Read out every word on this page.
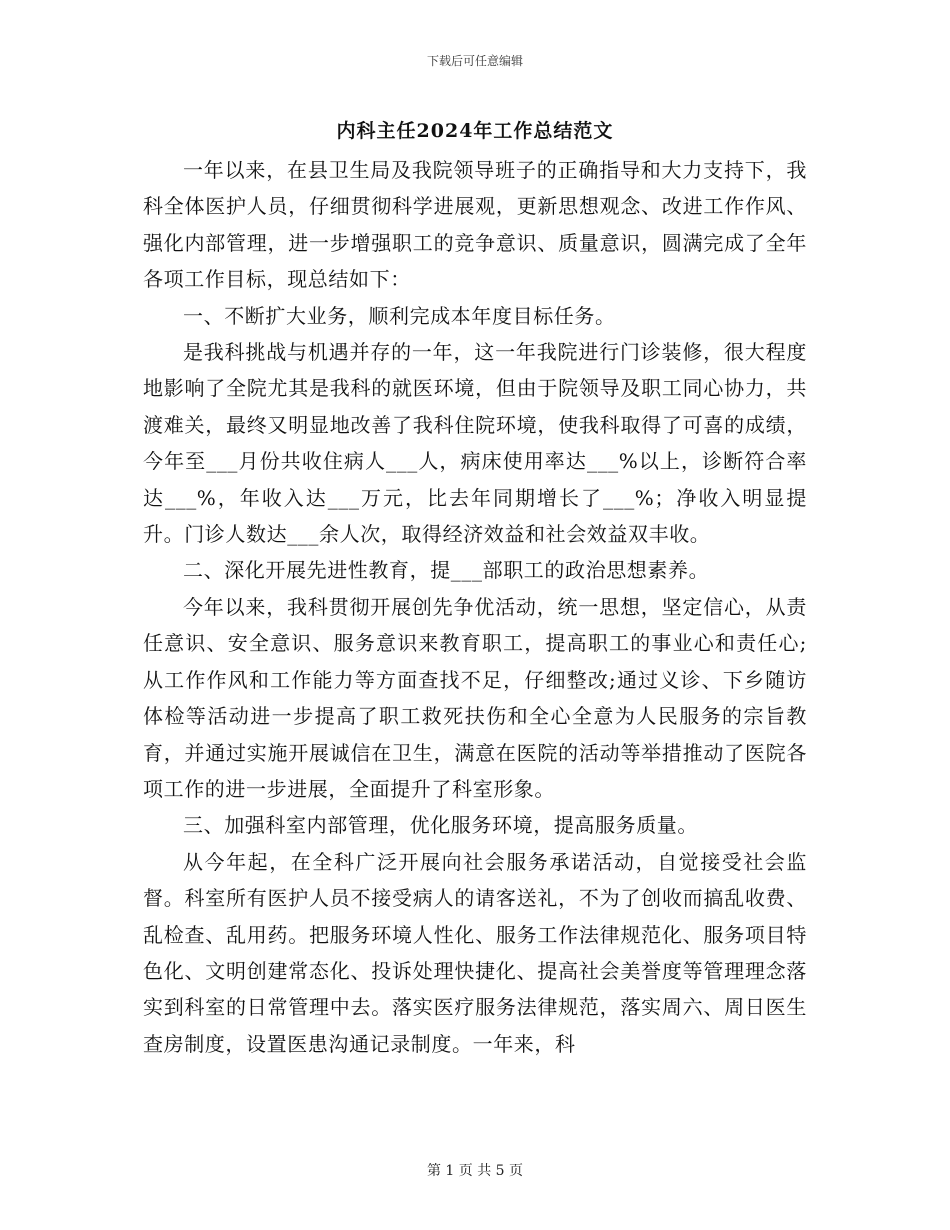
下载后可任意编辑
内科主任2024年工作总结范文

一年以来，在县卫生局及我院领导班子的正确指导和大力支持下，我科全体医护人员，仔细贯彻科学进展观，更新思想观念、改进工作作风、强化内部管理，进一步增强职工的竞争意识、质量意识，圆满完成了全年各项工作目标，现总结如下：

一、不断扩大业务，顺利完成本年度目标任务。

是我科挑战与机遇并存的一年，这一年我院进行门诊装修，很大程度地影响了全院尤其是我科的就医环境，但由于院领导及职工同心协力，共渡难关，最终又明显地改善了我科住院环境，使我科取得了可喜的成绩，今年至___月份共收住病人___人，病床使用率达___%以上，诊断符合率达___%，年收入达___万元，比去年同期增长了___%；净收入明显提升。门诊人数达___余人次，取得经济效益和社会效益双丰收。

二、深化开展先进性教育，提___部职工的政治思想素养。

今年以来，我科贯彻开展创先争优活动，统一思想，坚定信心，从责任意识、安全意识、服务意识来教育职工，提高职工的事业心和责任心;从工作作风和工作能力等方面查找不足，仔细整改;通过义诊、下乡随访体检等活动进一步提高了职工救死扶伤和全心全意为人民服务的宗旨教育，并通过实施开展诚信在卫生，满意在医院的活动等举措推动了医院各项工作的进一步进展，全面提升了科室形象。

三、加强科室内部管理，优化服务环境，提高服务质量。

从今年起，在全科广泛开展向社会服务承诺活动，自觉接受社会监督。科室所有医护人员不接受病人的请客送礼，不为了创收而搞乱收费、乱检查、乱用药。把服务环境人性化、服务工作法律规范化、服务项目特色化、文明创建常态化、投诉处理快捷化、提高社会美誉度等管理理念落实到科室的日常管理中去。落实医疗服务法律规范，落实周六、周日医生查房制度，设置医患沟通记录制度。一年来，科

第 1 页 共 5 页
